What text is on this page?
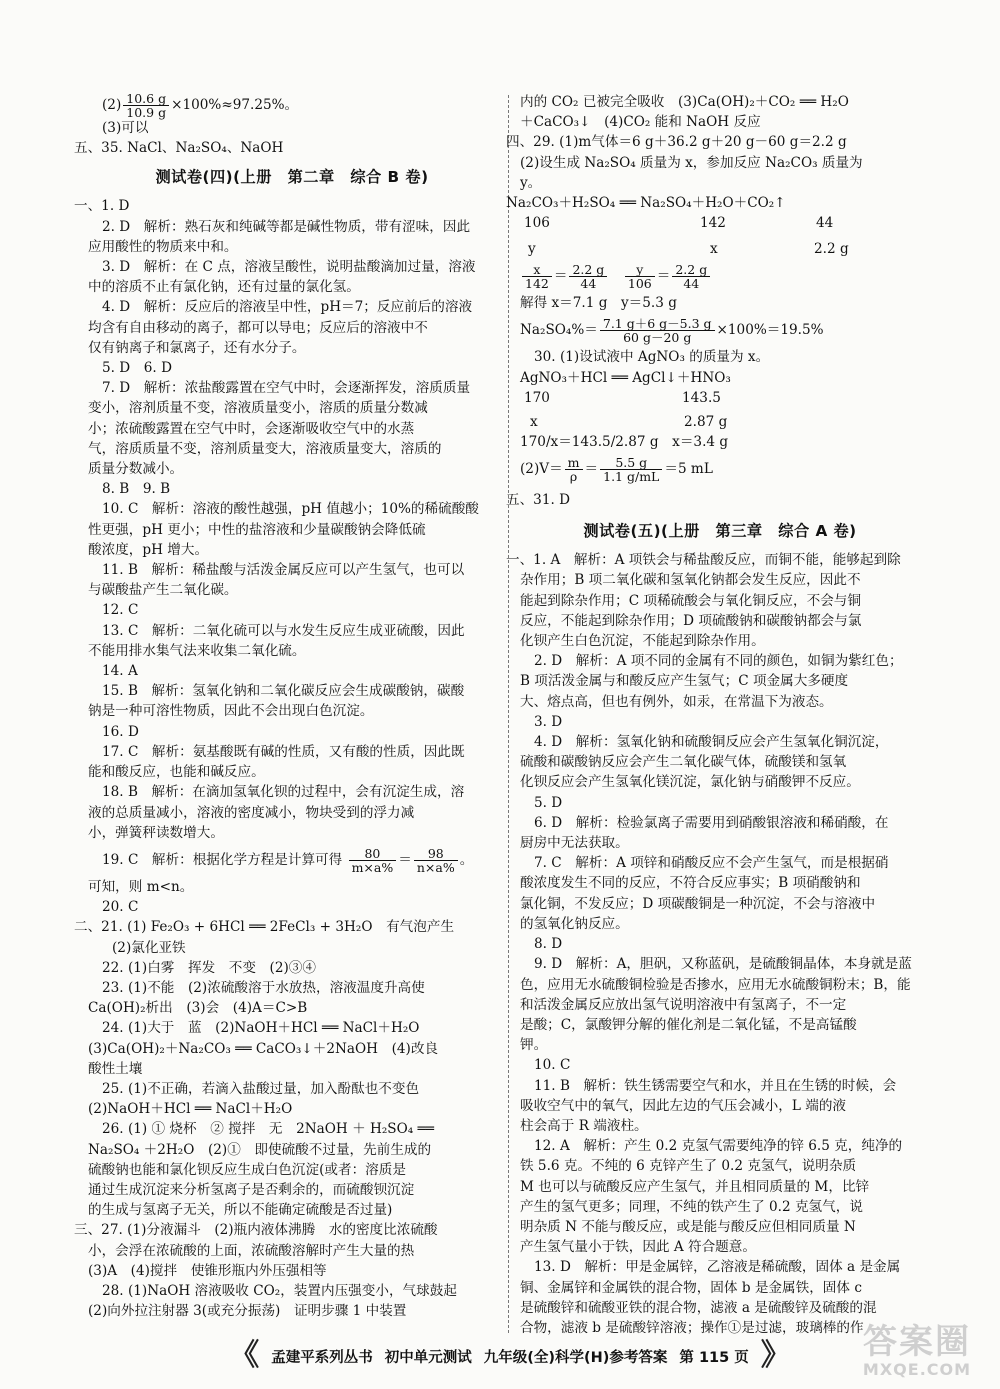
$(2) \frac{10.6 g}{10.9 g} \times 100\%\approx 97.25\%$。
(3)可以
五、35. NaCl、Na₂SO₄、NaOH
测试卷(四)(上册　第二章　综合 B 卷)
一、1. D
2. D　解析：熟石灰和纯碱等都是碱性物质，带有涩味，因此
应用酸性的物质来中和。
3. D　解析：在 C 点，溶液呈酸性，说明盐酸滴加过量，溶液
中的溶质不止有氯化钠，还有过量的氯化氢。
4. D　解析：反应后的溶液呈中性，pH＝7；反应前后的溶液
均含有自由移动的离子，都可以导电；反应后的溶液中不
仅有钠离子和氯离子，还有水分子。
5. D　6. D
7. D　解析：浓盐酸露置在空气中时，会逐渐挥发，溶质质量
变小，溶剂质量不变，溶液质量变小，溶质的质量分数减
小；浓硫酸露置在空气中时，会逐渐吸收空气中的水蒸
气，溶质质量不变，溶剂质量变大，溶液质量变大，溶质的
质量分数减小。
8. B　9. B
10. C　解析：溶液的酸性越强，pH 值越小；10%的稀硫酸酸
性更强，pH 更小；中性的盐溶液和少量碳酸钠会降低硫
酸浓度，pH 增大。
11. B　解析：稀盐酸与活泼金属反应可以产生氢气，也可以
与碳酸盐产生二氧化碳。
12. C
13. C　解析：二氧化硫可以与水发生反应生成亚硫酸，因此
不能用排水集气法来收集二氧化硫。
14. A
15. B　解析：氢氧化钠和二氧化碳反应会生成碳酸钠，碳酸
钠是一种可溶性物质，因此不会出现白色沉淀。
16. D
17. C　解析：氨基酸既有碱的性质，又有酸的性质，因此既
能和酸反应，也能和碱反应。
18. B　解析：在滴加氢氧化钡的过程中，会有沉淀生成，溶
液的总质量减小，溶液的密度减小，物块受到的浮力减
小，弹簧秤读数增大。
19. C　解析：根据化学方程是计算可得 $\frac{80}{m\times a\%} = \frac{98}{n\times a\%}$ 。
可知，则 m<n。
20. C
二、21. (1) Fe₂O₃ + 6HCl ══ 2FeCl₃ + 3H₂O　有气泡产生
(2)氯化亚铁
22. (1)白雾　挥发　不变　(2)③④
23. (1)不能　(2)浓硫酸溶于水放热，溶液温度升高使
Ca(OH)₂析出　(3)会　(4)A＝C>B
24. (1)大于　蓝　(2)NaOH＋HCl ══ NaCl＋H₂O
(3)Ca(OH)₂＋Na₂CO₃ ══ CaCO₃↓＋2NaOH　(4)改良
酸性土壤
25. (1)不正确，若滴入盐酸过量，加入酚酞也不变色
(2)NaOH＋HCl ══ NaCl＋H₂O
26. (1) ① 烧杯　② 搅拌　无　2NaOH ＋ H₂SO₄ ══
Na₂SO₄ ＋2H₂O　(2)①　即使硫酸不过量，先前生成的
硫酸钠也能和氯化钡反应生成白色沉淀(或者：溶质是
通过生成沉淀来分析氢离子是否剩余的，而硫酸钡沉淀
的生成与氢离子无关，所以不能确定硫酸是否过量)
三、27. (1)分液漏斗　(2)瓶内液体沸腾　水的密度比浓硫酸
小，会浮在浓硫酸的上面，浓硫酸溶解时产生大量的热
(3)A　(4)搅拌　使锥形瓶内外压强相等
28. (1)NaOH 溶液吸收 CO₂，装置内压强变小，气球鼓起
(2)向外拉注射器 3(或充分振荡)　证明步骤 1 中装置
内的 CO₂ 已被完全吸收　(3)Ca(OH)₂＋CO₂ ══ H₂O
＋CaCO₃↓　(4)CO₂ 能和 NaOH 反应
四、29. (1)m气体＝6 g＋36.2 g＋20 g－60 g＝2.2 g
(2)设生成 Na₂SO₄ 质量为 x，参加反应 Na₂CO₃ 质量为
y。
Na₂CO₃＋H₂SO₄ ══ Na₂SO₄＋H₂O＋CO₂↑
106	142	44
y	x	2.2 g
$\frac{x}{142} = \frac{2.2 g}{44}$
　 $\frac{y}{106} = \frac{2.2 g}{44}$
解得 x＝7.1 g　y＝5.3 g
$Na_2SO_4\%= \frac{7.1 g+6 g-5.3 g}{60 g-20 g} \times 100\%=19.5\%$
30. (1)设试液中 AgNO₃ 的质量为 x。
AgNO₃＋HCl ══ AgCl↓＋HNO₃
170	143.5
x	2.87 g
170/x＝143.5/2.87 g　x＝3.4 g
$(2)V= \frac{m}{\rho} = \frac{5.5 g}{1.1 g/mL} =5$ mL
五、31. D
测试卷(五)(上册　第三章　综合 A 卷)
一、1. A　解析：A 项铁会与稀盐酸反应，而铜不能，能够起到除
杂作用；B 项二氧化碳和氢氧化钠都会发生反应，因此不
能起到除杂作用；C 项稀硫酸会与氧化铜反应，不会与铜
反应，不能起到除杂作用；D 项硫酸钠和碳酸钠都会与氯
化钡产生白色沉淀，不能起到除杂作用。
2. D　解析：A 项不同的金属有不同的颜色，如铜为紫红色；
B 项活泼金属与和酸反应产生氢气；C 项金属大多硬度
大、熔点高，但也有例外，如汞，在常温下为液态。
3. D
4. D　解析：氢氧化钠和硫酸铜反应会产生氢氧化铜沉淀，
硫酸和碳酸钠反应会产生二氧化碳气体，硫酸镁和氢氧
化钡反应会产生氢氧化镁沉淀，氯化钠与硝酸钾不反应。
5. D
6. D　解析：检验氯离子需要用到硝酸银溶液和稀硝酸，在
厨房中无法获取。
7. C　解析：A 项锌和硝酸反应不会产生氢气，而是根据硝
酸浓度发生不同的反应，不符合反应事实；B 项硝酸钠和
氯化铜，不发反应；D 项碳酸铜是一种沉淀，不会与溶液中
的氢氧化钠反应。
8. D
9. D　解析：A，胆矾，又称蓝矾，是硫酸铜晶体，本身就是蓝
色，应用无水硫酸铜检验是否掺水，应用无水硫酸铜粉末；B，能
和活泼金属反应放出氢气说明溶液中有氢离子，不一定
是酸；C，氯酸钾分解的催化剂是二氧化锰，不是高锰酸
钾。
10. C
11. B　解析：铁生锈需要空气和水，并且在生锈的时候，会
吸收空气中的氧气，因此左边的气压会减小，L 端的液
柱会高于 R 端液柱。
12. A　解析：产生 0.2 克氢气需要纯净的锌 6.5 克，纯净的
铁 5.6 克。不纯的 6 克锌产生了 0.2 克氢气，说明杂质
M 也可以与硫酸反应产生氢气，并且相同质量的 M，比锌
产生的氢气更多；同理，不纯的铁产生了 0.2 克氢气，说
明杂质 N 不能与酸反应，或是能与酸反应但相同质量 N
产生氢气量小于铁，因此 A 符合题意。
13. D　解析：甲是金属锌，乙溶液是稀硫酸，固体 a 是金属
铜、金属锌和金属铁的混合物，固体 b 是金属铁，固体 c
是硫酸锌和硫酸亚铁的混合物，滤液 a 是硫酸锌及硫酸的混
合物，滤液 b 是硫酸锌溶液；操作①是过滤，玻璃棒的作
《 孟建平系列丛书 初中单元测试 九年级(全)科学(H)参考答案 第 115 页 》	答案圈
MXQE.COM
